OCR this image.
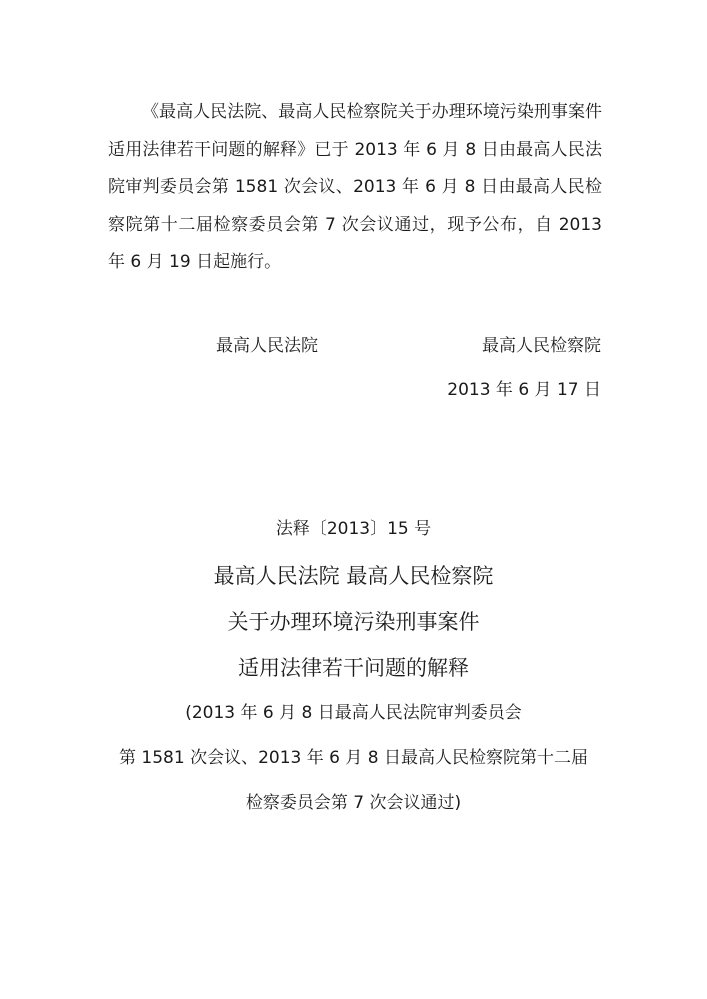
《最高人民法院、最高人民检察院关于办理环境污染刑事案件适用法律若干问题的解释》已于 2013 年 6 月 8 日由最高人民法院审判委员会第 1581 次会议、2013 年 6 月 8 日由最高人民检察院第十二届检察委员会第 7 次会议通过，现予公布，自 2013 年 6 月 19 日起施行。

最高人民法院	最高人民检察院
2013 年 6 月 17 日
法释〔2013〕15 号
最高人民法院 最高人民检察院
关于办理环境污染刑事案件
适用法律若干问题的解释
(2013 年 6 月 8 日最高人民法院审判委员会
第 1581 次会议、2013 年 6 月 8 日最高人民检察院第十二届
检察委员会第 7 次会议通过)
